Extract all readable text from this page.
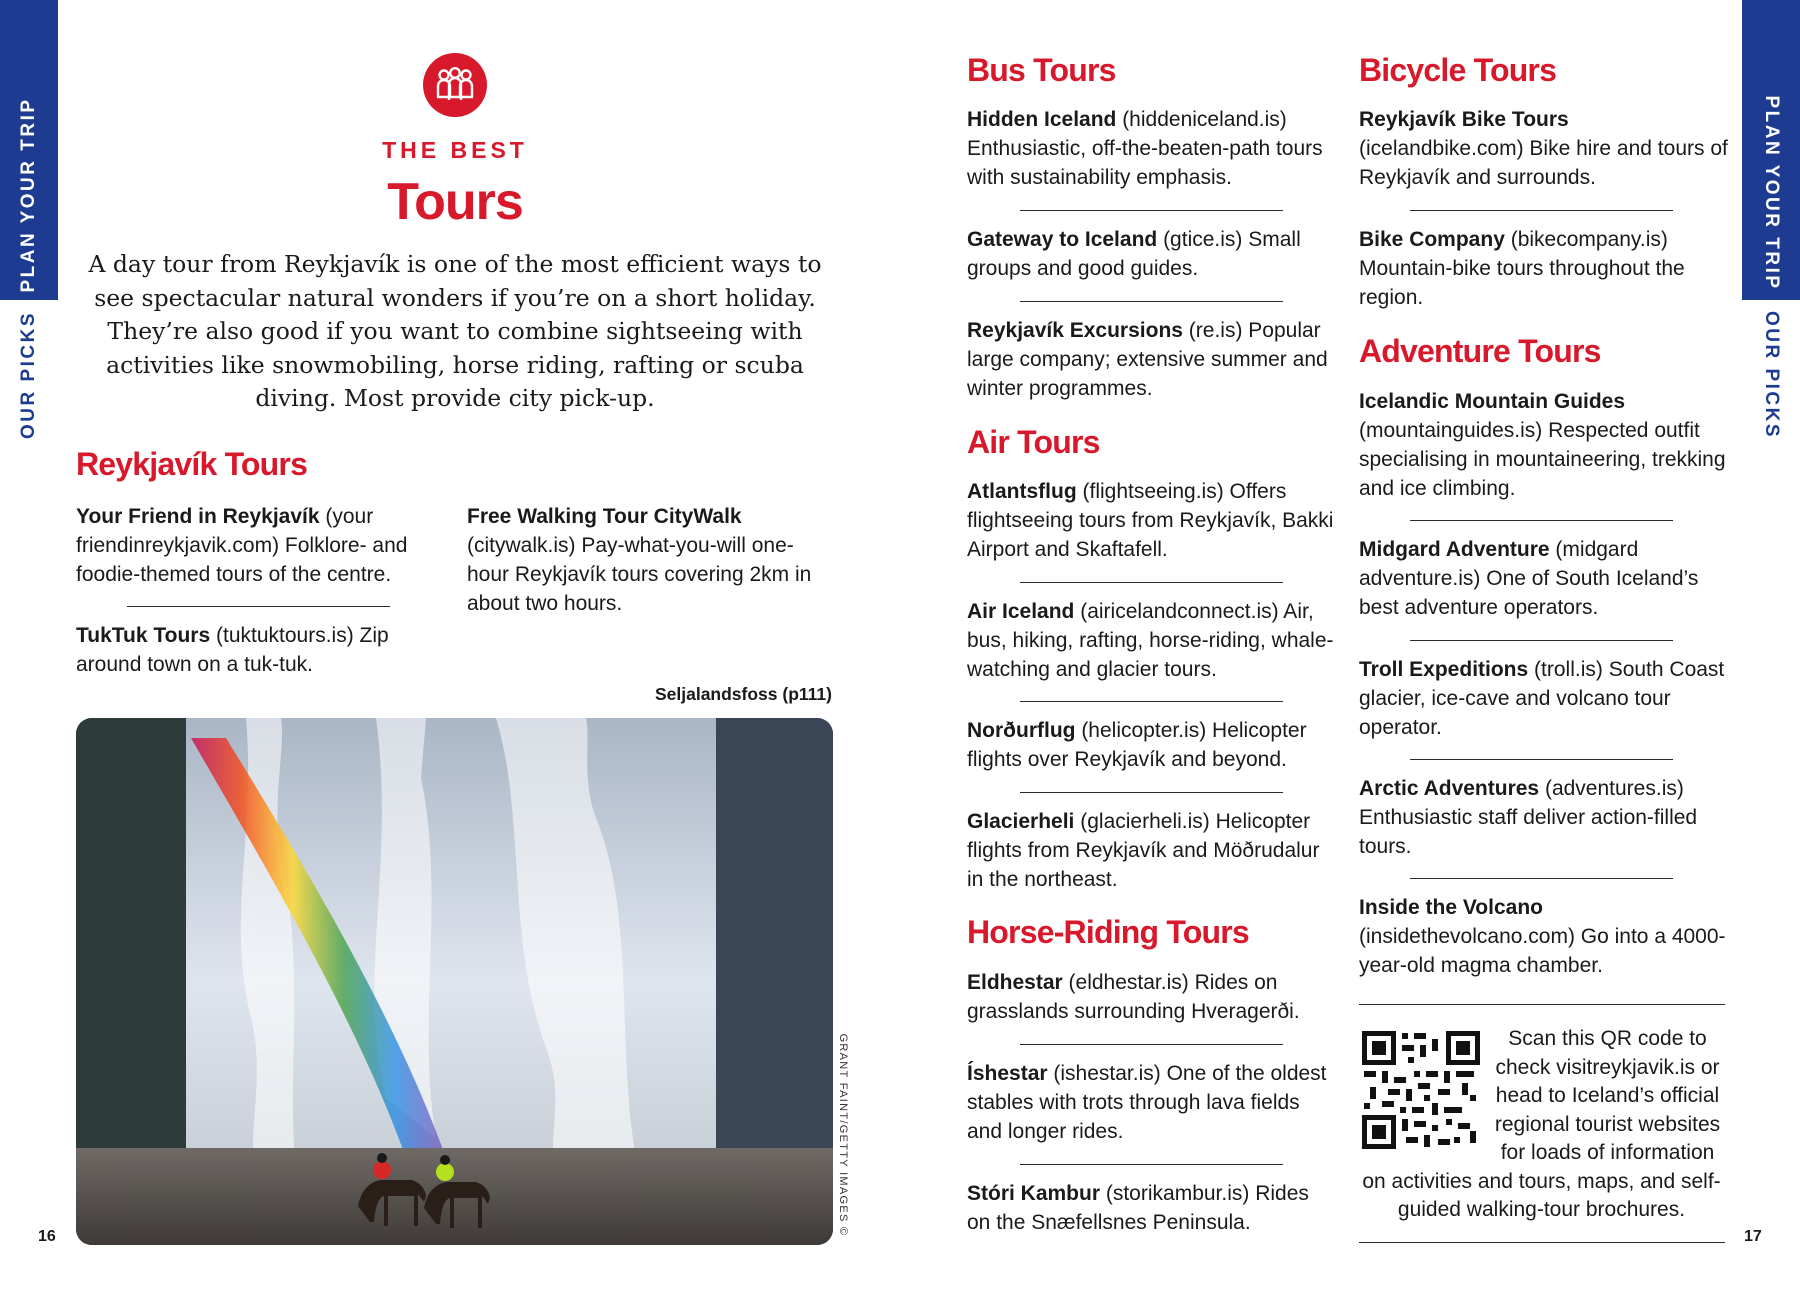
PLAN YOUR TRIP
OUR PICKS
PLAN YOUR TRIP
OUR PICKS
THE BEST
Tours
A day tour from Reykjavík is one of the most efficient ways to see spectacular natural wonders if you’re on a short holiday. They’re also good if you want to combine sightseeing with activities like snowmobiling, horse riding, rafting or scuba diving. Most provide city pick-up.
Reykjavík Tours
Your Friend in Reykjavík (your friendinreykjavik.com) Folklore- and foodie-themed tours of the centre.
TukTuk Tours (tuktuktours.is) Zip around town on a tuk-tuk.
Free Walking Tour CityWalk (citywalk.is) Pay-what-you-will one-hour Reykjavík tours covering 2km in about two hours.
Seljalandsfoss (p111)
GRANT FAINT/GETTY IMAGES ©
Bus Tours
Hidden Iceland (hiddeniceland.is) Enthusiastic, off-the-beaten-path tours with sustainability emphasis.
Gateway to Iceland (gtice.is) Small groups and good guides.
Reykjavík Excursions (re.is) Popular large company; extensive summer and winter programmes.
Air Tours
Atlantsflug (flightseeing.is) Offers flightseeing tours from Reykjavík, Bakki Airport and Skaftafell.
Air Iceland (airicelandconnect.is) Air, bus, hiking, rafting, horse-riding, whale-watching and glacier tours.
Norðurflug (helicopter.is) Helicopter flights over Reykjavík and beyond.
Glacierheli (glacierheli.is) Helicopter flights from Reykjavík and Möðrudalur in the northeast.
Horse-Riding Tours
Eldhestar (eldhestar.is) Rides on grasslands surrounding Hveragerði.
Íshestar (ishestar.is) One of the oldest stables with trots through lava fields and longer rides.
Stóri Kambur (storikambur.is) Rides on the Snæfellsnes Peninsula.
Bicycle Tours
Reykjavík Bike Tours (icelandbike.com) Bike hire and tours of Reykjavík and surrounds.
Bike Company (bikecompany.is) Mountain-bike tours throughout the region.
Adventure Tours
Icelandic Mountain Guides (mountainguides.is) Respected outfit specialising in mountaineering, trekking and ice climbing.
Midgard Adventure (midgard adventure.is) One of South Iceland’s best adventure operators.
Troll Expeditions (troll.is) South Coast glacier, ice-cave and volcano tour operator.
Arctic Adventures (adventures.is) Enthusiastic staff deliver action-filled tours.
Inside the Volcano (insidethevolcano.com) Go into a 4000-year-old magma chamber.
Scan this QR code to check visitreykjavik.is or head to Iceland’s official regional tourist websites for loads of information on activities and tours, maps, and self-guided walking-tour brochures.
16	17
